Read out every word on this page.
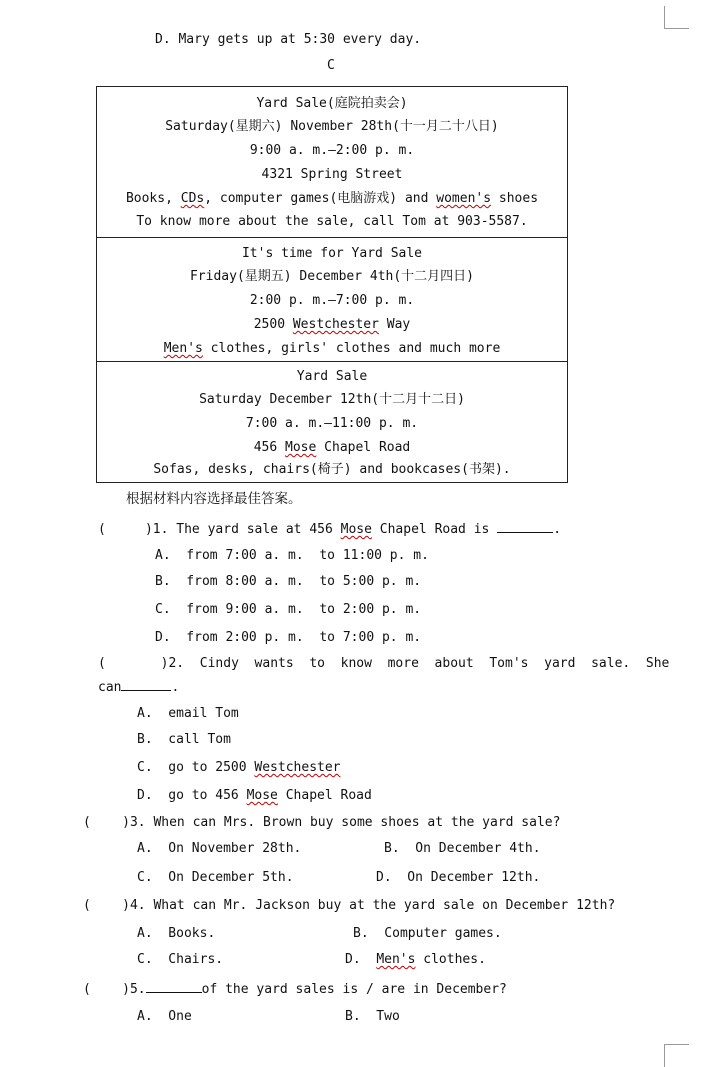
D. Mary gets up at 5:30 every day.
C
Yard Sale(庭院拍卖会)
Saturday(星期六) November 28th(十一月二十八日)
9:00 a. m.—2:00 p. m.
4321 Spring Street
Books, CDs, computer games(电脑游戏) and women's shoes
To know more about the sale, call Tom at 903-5587.
It's time for Yard Sale
Friday(星期五) December 4th(十二月四日)
2:00 p. m.—7:00 p. m.
2500 Westchester Way
Men's clothes, girls' clothes and much more
Yard Sale
Saturday December 12th(十二月十二日)
7:00 a. m.—11:00 p. m.
456 Mose Chapel Road
Sofas, desks, chairs(椅子) and bookcases(书架).
根据材料内容选择最佳答案。
(     )1. The yard sale at 456 Mose Chapel Road is	.
A.  from 7:00 a. m.  to 11:00 p. m.
B.  from 8:00 a. m.  to 5:00 p. m.
C.  from 9:00 a. m.  to 2:00 p. m.
D.  from 2:00 p. m.  to 7:00 p. m.
(       )2.  Cindy  wants  to  know  more  about  Tom's  yard  sale.  She
can	.
A.  email Tom
B.  call Tom
C.  go to 2500 Westchester
D.  go to 456 Mose Chapel Road
(    )3. When can Mrs. Brown buy some shoes at the yard sale?
A.  On November 28th.	B.  On December 4th.
C.  On December 5th.	D.  On December 12th.
(    )4. What can Mr. Jackson buy at the yard sale on December 12th?
A.  Books.	B.  Computer games.
C.  Chairs.	D.  Men's clothes.
(    )5.	of the yard sales is / are in December?
A.  One	B.  Two
